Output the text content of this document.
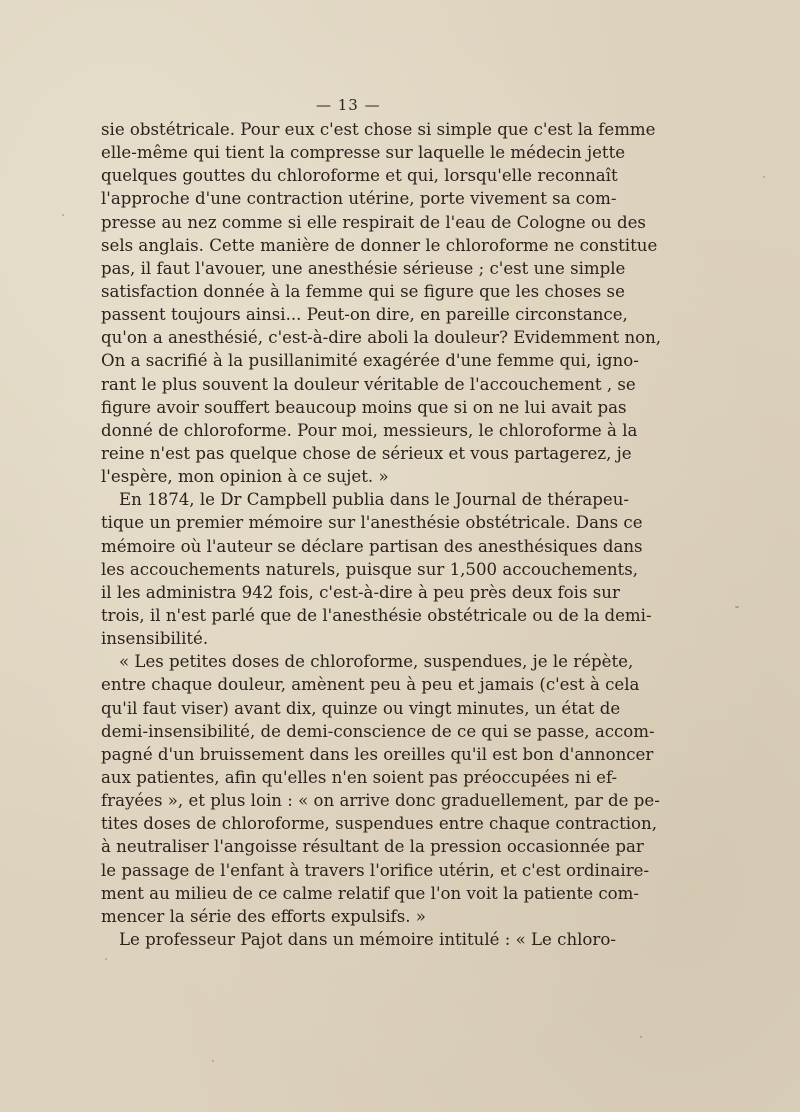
— 13 —
sie obstétricale. Pour eux c'est chose si simple que c'est la femme
elle-même qui tient la compresse sur laquelle le médecin jette
quelques gouttes du chloroforme et qui, lorsqu'elle reconnaît
l'approche d'une contraction utérine, porte vivement sa com-
presse au nez comme si elle respirait de l'eau de Cologne ou des
sels anglais. Cette manière de donner le chloroforme ne constitue
pas, il faut l'avouer, une anesthésie sérieuse ; c'est une simple
satisfaction donnée à la femme qui se figure que les choses se
passent toujours ainsi... Peut-on dire, en pareille circonstance,
qu'on a anesthésié, c'est-à-dire aboli la douleur? Evidemment non,
On a sacrifié à la pusillanimité exagérée d'une femme qui, igno-
rant le plus souvent la douleur véritable de l'accouchement , se
figure avoir souffert beaucoup moins que si on ne lui avait pas
donné de chloroforme. Pour moi, messieurs, le chloroforme à la
reine n'est pas quelque chose de sérieux et vous partagerez, je
l'espère, mon opinion à ce sujet. »
En 1874, le Dr Campbell publia dans le Journal de thérapeu-
tique un premier mémoire sur l'anesthésie obstétricale. Dans ce
mémoire où l'auteur se déclare partisan des anesthésiques dans
les accouchements naturels, puisque sur 1,500 accouchements,
il les administra 942 fois, c'est-à-dire à peu près deux fois sur
trois, il n'est parlé que de l'anesthésie obstétricale ou de la demi-
insensibilité.
« Les petites doses de chloroforme, suspendues, je le répète,
entre chaque douleur, amènent peu à peu et jamais (c'est à cela
qu'il faut viser) avant dix, quinze ou vingt minutes, un état de
demi-insensibilité, de demi-conscience de ce qui se passe, accom-
pagné d'un bruissement dans les oreilles qu'il est bon d'annoncer
aux patientes, afin qu'elles n'en soient pas préoccupées ni ef-
frayées », et plus loin : « on arrive donc graduellement, par de pe-
tites doses de chloroforme, suspendues entre chaque contraction,
à neutraliser l'angoisse résultant de la pression occasionnée par
le passage de l'enfant à travers l'orifice utérin, et c'est ordinaire-
ment au milieu de ce calme relatif que l'on voit la patiente com-
mencer la série des efforts expulsifs. »
Le professeur Pajot dans un mémoire intitulé : « Le chloro-
